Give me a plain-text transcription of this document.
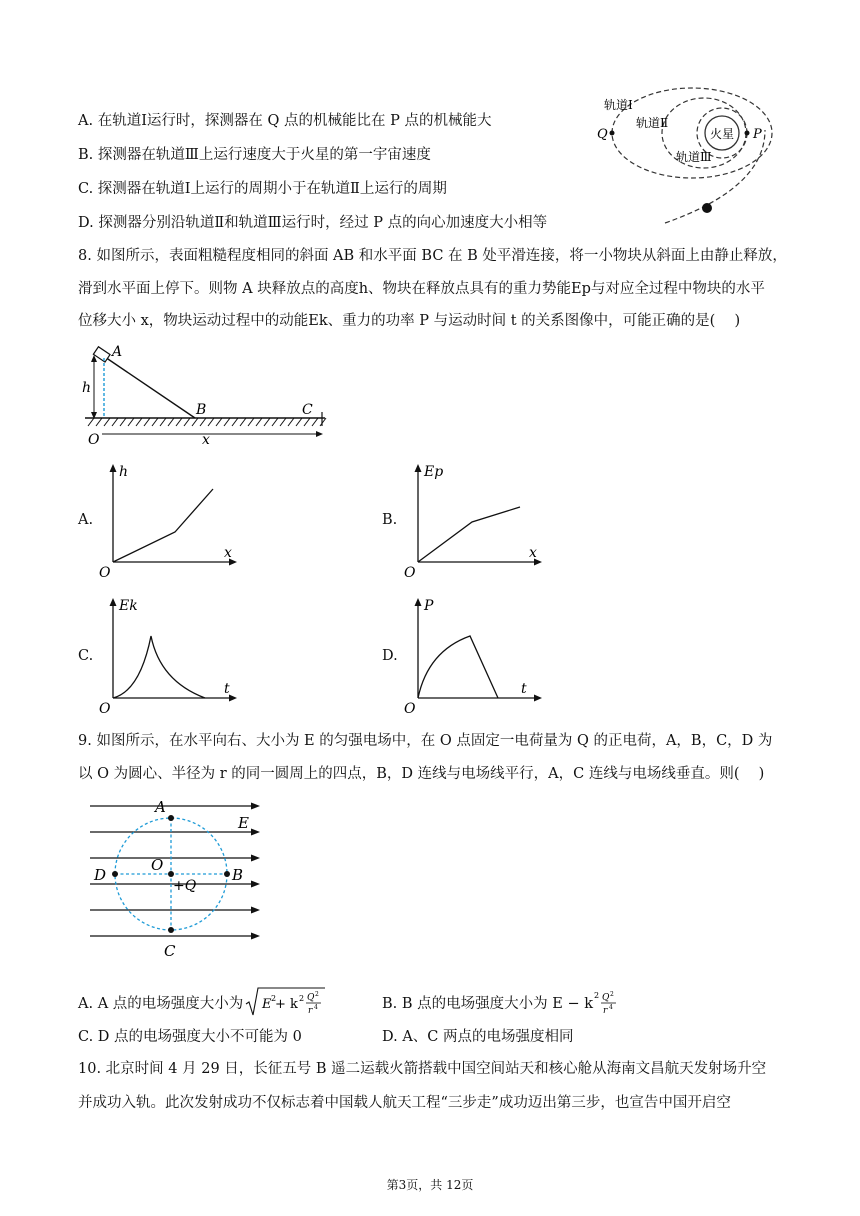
A. 在轨道Ⅰ运行时，探测器在 Q 点的机械能比在 P 点的机械能大
B. 探测器在轨道Ⅲ上运行速度大于火星的第一宇宙速度
C. 探测器在轨道Ⅰ上运行的周期小于在轨道Ⅱ上运行的周期
D. 探测器分别沿轨道Ⅱ和轨道Ⅲ运行时，经过 P 点的向心加速度大小相等
轨道Ⅰ
轨道Ⅱ
轨道Ⅲ
火星
Q	P
8. 如图所示，表面粗糙程度相同的斜面 AB 和水平面 BC 在 B 处平滑连接，将一小物块从斜面上由静止释放，
滑到水平面上停下。则物 A 块释放点的高度h、物块在释放点具有的重力势能Ep与对应全过程中物块的水平
位移大小 x，物块运动过程中的动能Ek、重力的功率 P 与运动时间 t 的关系图像中，可能正确的是(　 )
A
h
B	C
O	x
A.	B.
C.	D.
h
x
O
Ep
x
O
Ek
t
O
P
t
O
9. 如图所示，在水平向右、大小为 E 的匀强电场中，在 O 点固定一电荷量为 Q 的正电荷，A，B，C，D 为
以 O 为圆心、半径为 r 的同一圆周上的四点，B，D 连线与电场线平行，A，C 连线与电场线垂直。则(　 )
A
E
O
D	B
+Q
C
A. A 点的电场强度大小为 E 2
+ k 2 Q 2
r 4	B. B 点的电场强度大小为 E − k 2 Q 2
r 4
C. D 点的电场强度大小不可能为 0	D. A、C 两点的电场强度相同
10. 北京时间 4 月 29 日，长征五号 B 遥二运载火箭搭载中国空间站天和核心舱从海南文昌航天发射场升空
并成功入轨。此次发射成功不仅标志着中国载人航天工程“三步走”成功迈出第三步，也宣告中国开启空
第3页，共 12页
